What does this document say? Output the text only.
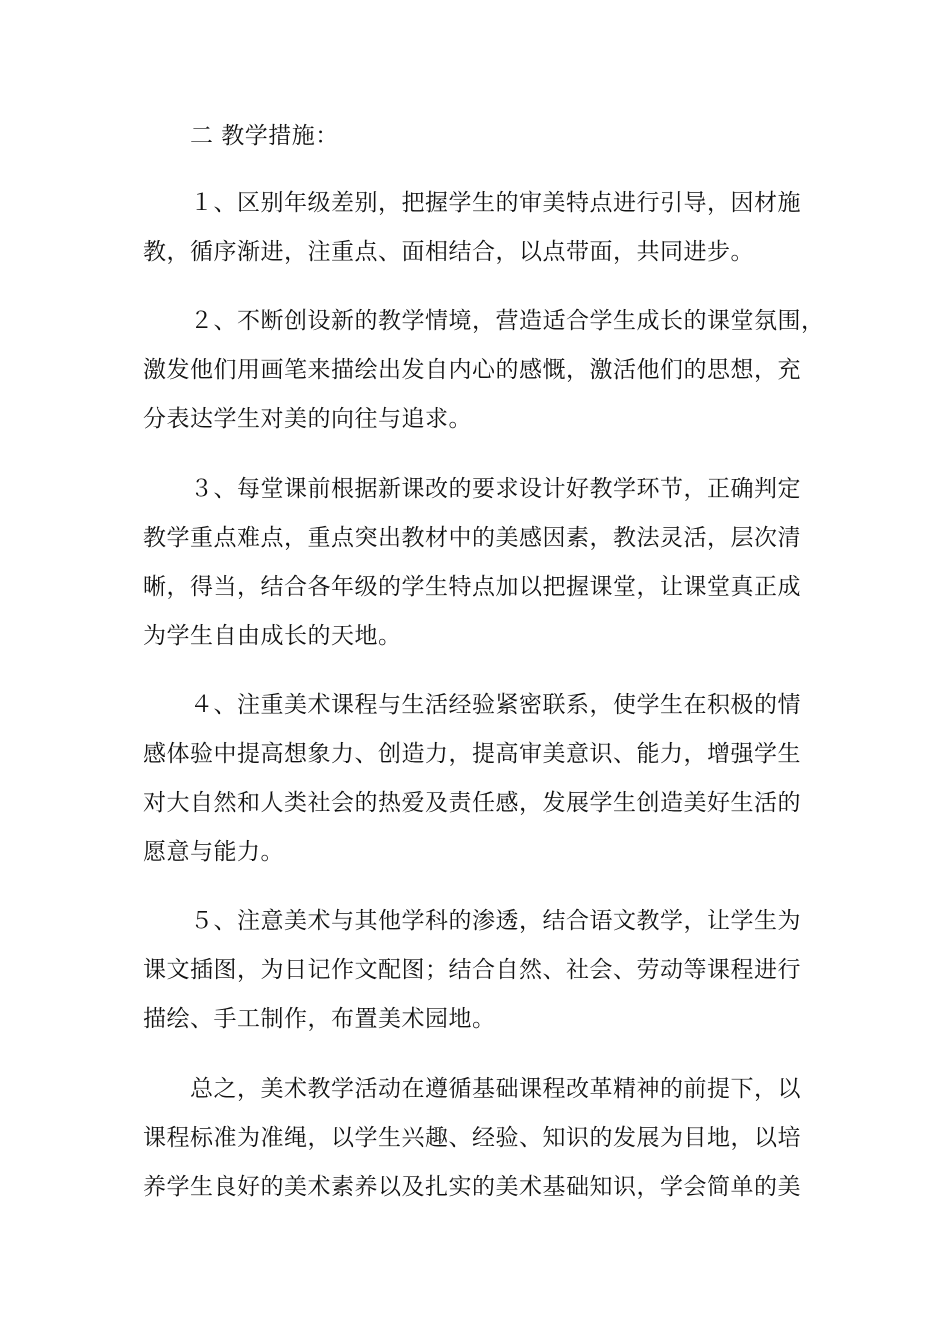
二 教学措施：

１、区别年级差别，把握学生的审美特点进行引导，因材施

教，循序渐进，注重点、面相结合，以点带面，共同进步。

２、不断创设新的教学情境，营造适合学生成长的课堂氛围，

激发他们用画笔来描绘出发自内心的感慨，激活他们的思想，充

分表达学生对美的向往与追求。

３、每堂课前根据新课改的要求设计好教学环节，正确判定

教学重点难点，重点突出教材中的美感因素，教法灵活，层次清

晰，得当，结合各年级的学生特点加以把握课堂，让课堂真正成

为学生自由成长的天地。

４、注重美术课程与生活经验紧密联系，使学生在积极的情

感体验中提高想象力、创造力，提高审美意识、能力，增强学生

对大自然和人类社会的热爱及责任感，发展学生创造美好生活的

愿意与能力。

５、注意美术与其他学科的渗透，结合语文教学，让学生为

课文插图，为日记作文配图；结合自然、社会、劳动等课程进行

描绘、手工制作，布置美术园地。

总之，美术教学活动在遵循基础课程改革精神的前提下，以

课程标准为准绳，以学生兴趣、经验、知识的发展为目地，以培

养学生良好的美术素养以及扎实的美术基础知识，学会简单的美
